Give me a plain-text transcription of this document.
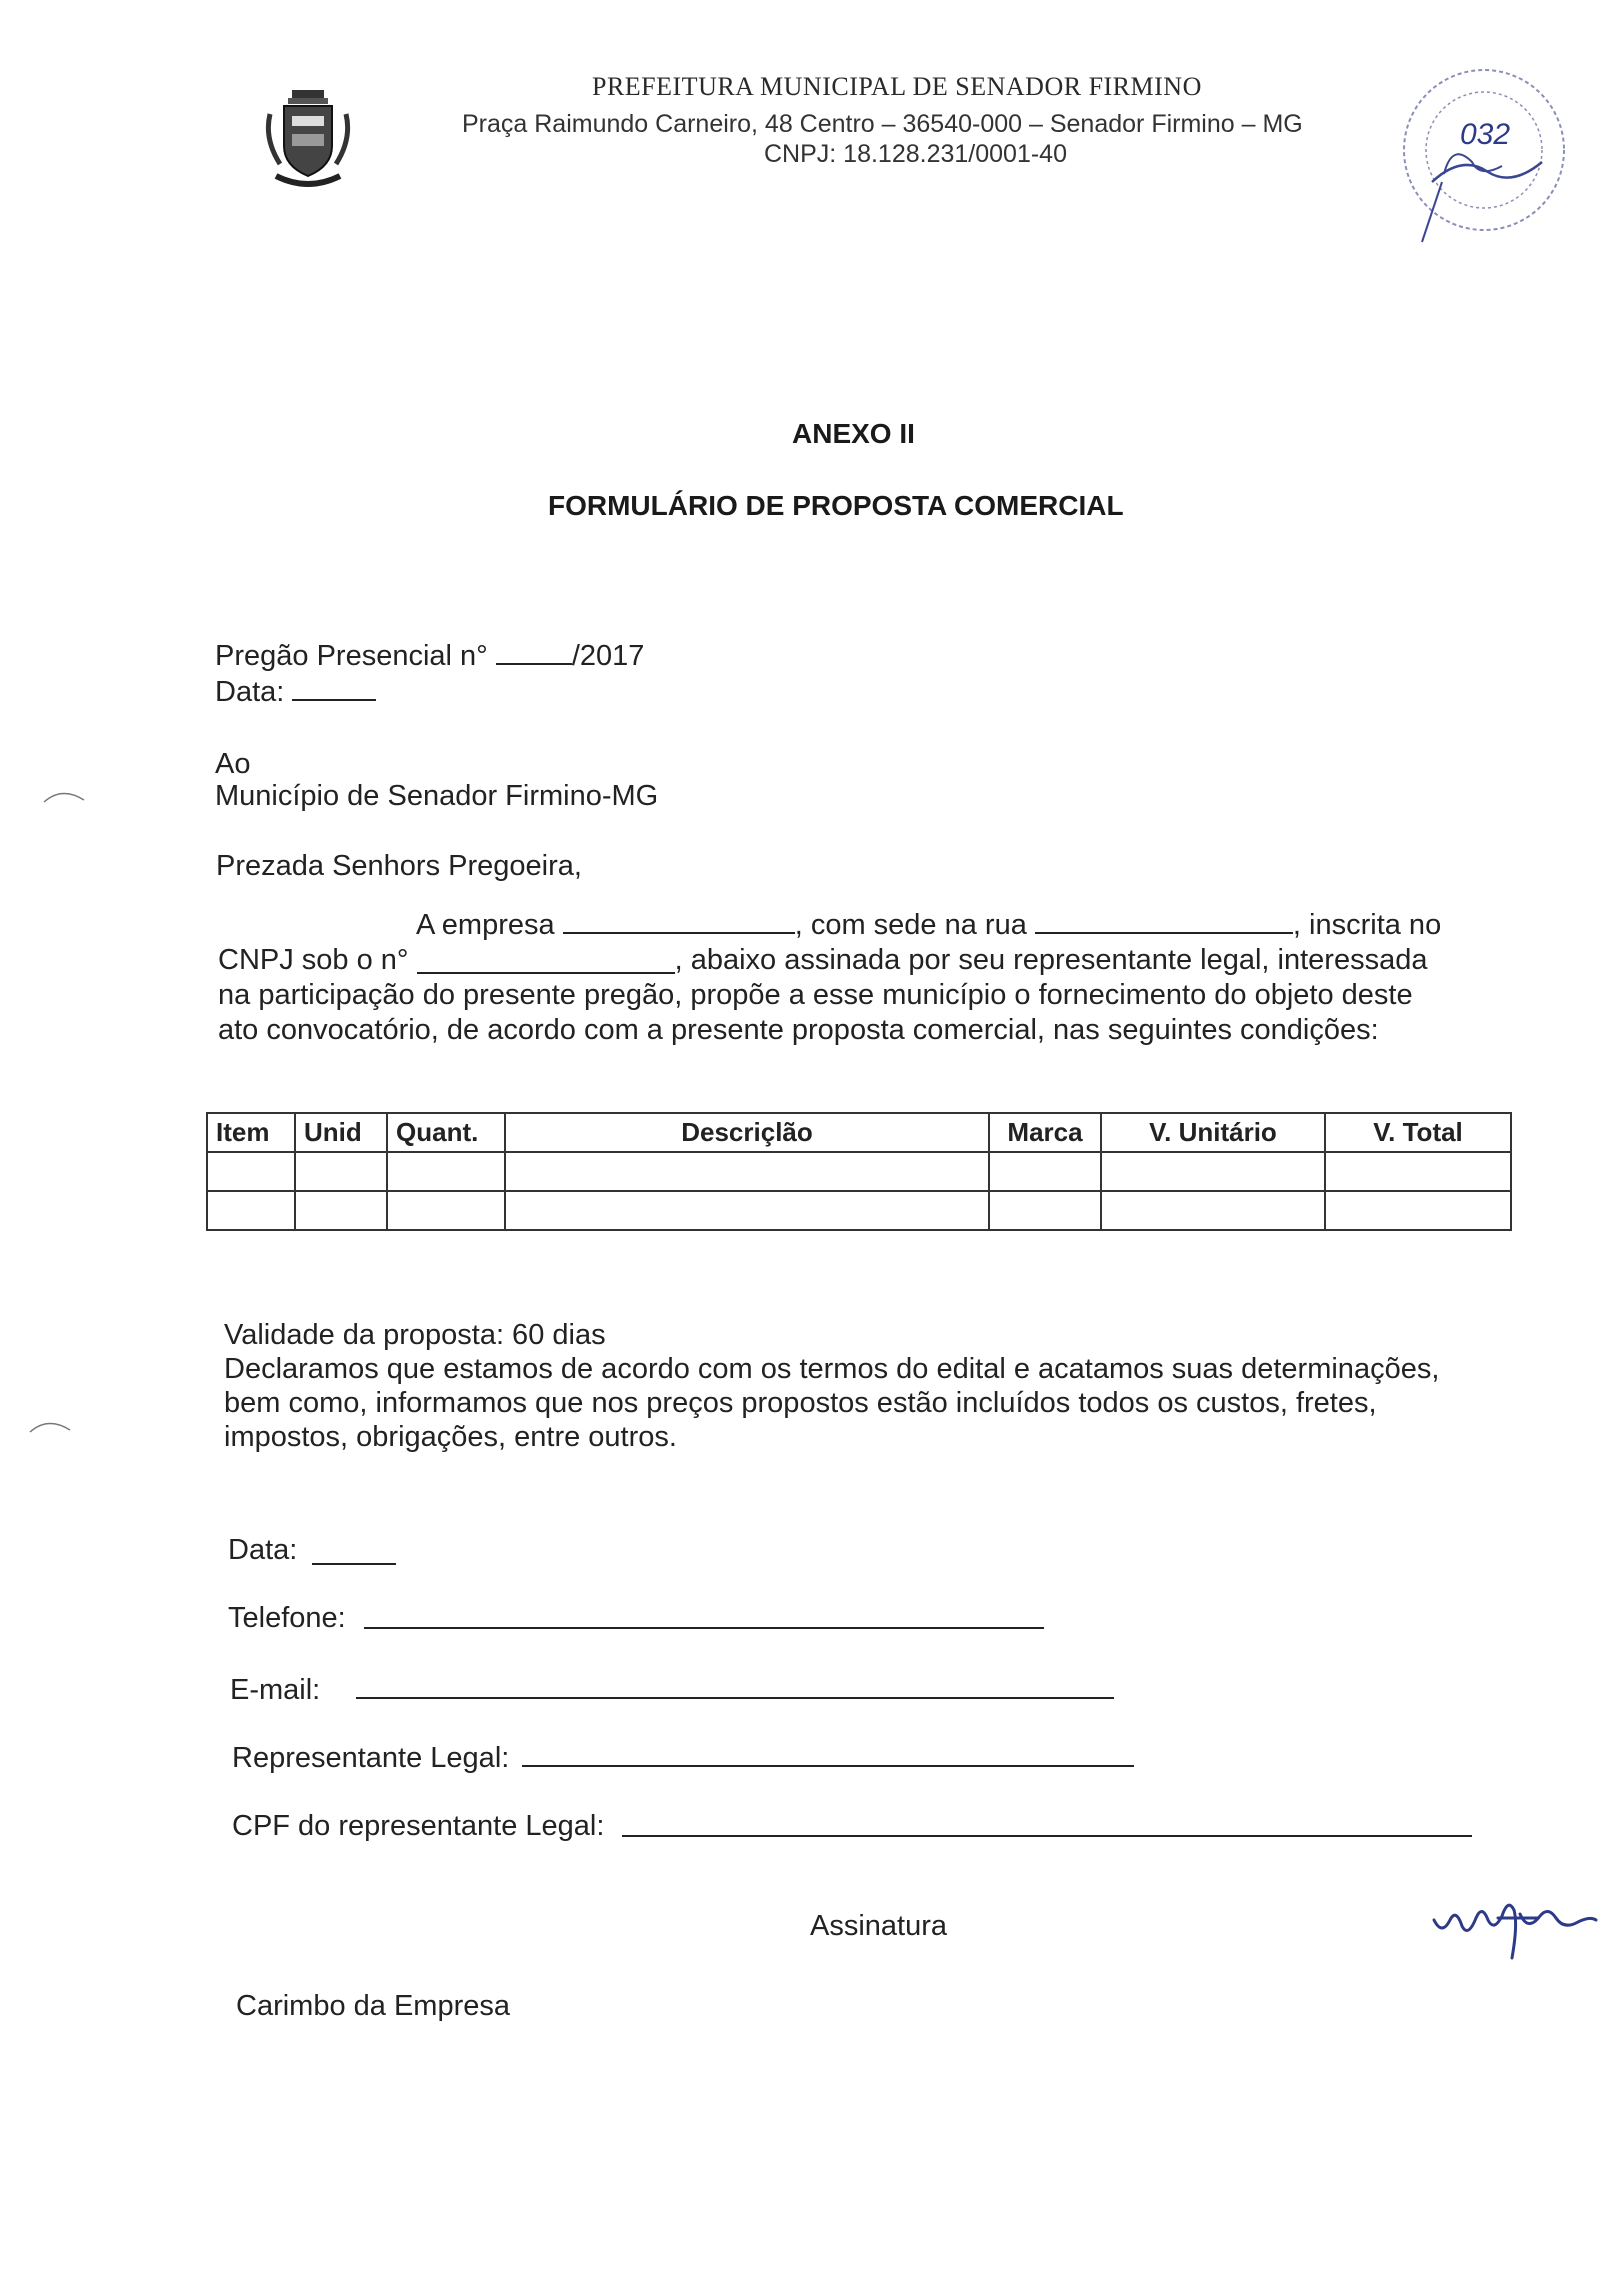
PREFEITURA MUNICIPAL DE SENADOR FIRMINO
Praça Raimundo Carneiro, 48 Centro – 36540-000 – Senador Firmino – MG
CNPJ: 18.128.231/0001-40
032
ANEXO II
FORMULÁRIO DE PROPOSTA COMERCIAL
Pregão Presencial n°	/2017
Data:
Ao
Município de Senador Firmino-MG
Prezada Senhors Pregoeira,

A empresa	, com sede na rua	, inscrita no

CNPJ sob o n°
	, abaixo assinada por seu representante legal, interessada

na participação do presente pregão, propõe a esse município o fornecimento do objeto deste

ato convocatório, de acordo com a presente proposta comercial, nas seguintes condições:

Item	Unid	Quant.	Descriçlão	Marca	V. Unitário	V. Total

Validade da proposta: 60 dias

Declaramos que estamos de acordo com os termos do edital e acatamos suas determinações,

bem como, informamos que nos preços propostos estão incluídos todos os custos, fretes,

impostos, obrigações, entre outros.

Data:
Telefone:
E-mail:
Representante Legal:
CPF do representante Legal:
Assinatura
Carimbo da Empresa
